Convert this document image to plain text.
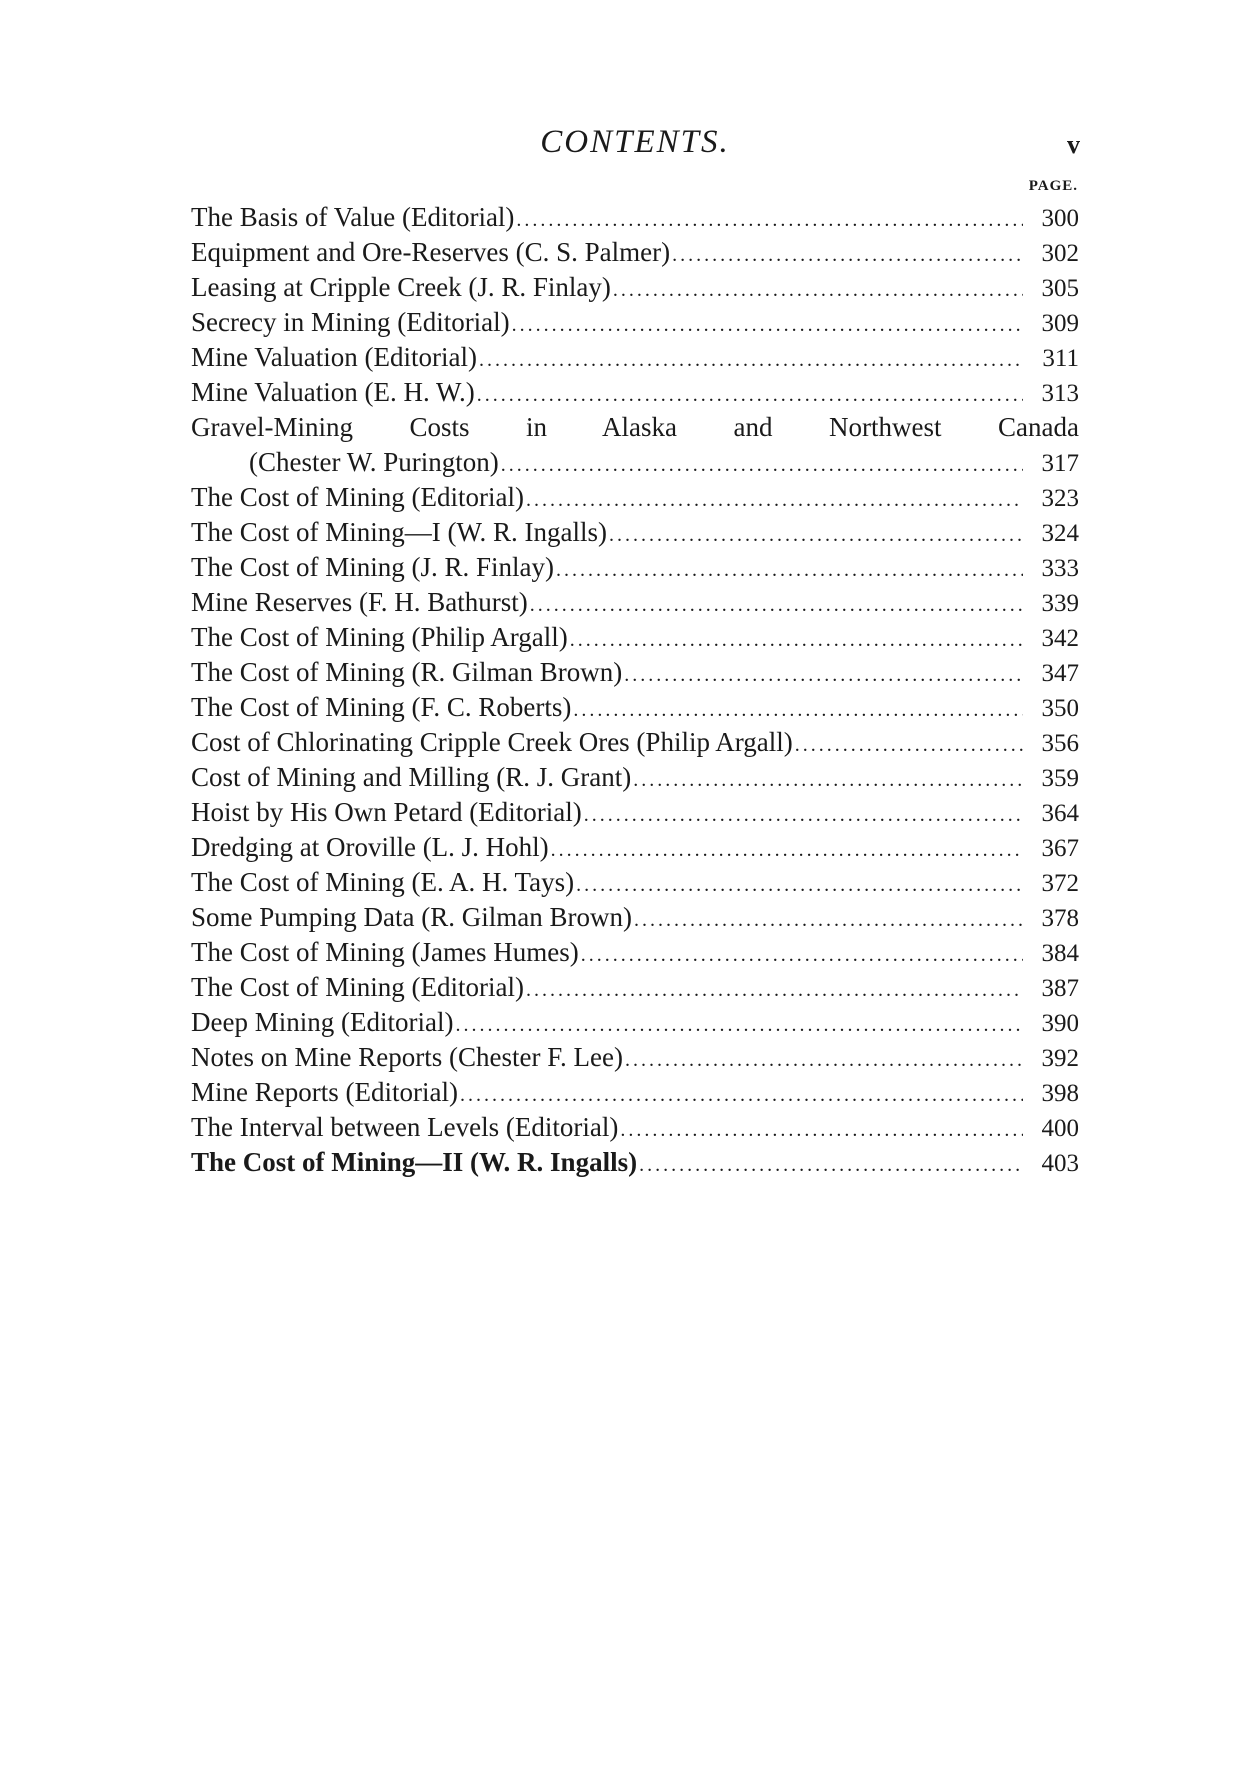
CONTENTS.	v
PAGE.
The Basis of Value (Editorial) . . .	300
Equipment and Ore-Reserves (C. S. Palmer) . . .	302
Leasing at Cripple Creek (J. R. Finlay) . . .	305
Secrecy in Mining (Editorial) . . .	309
Mine Valuation (Editorial) . . .	311
Mine Valuation (E. H. W.) . . .	313
Gravel-Mining Costs in Alaska and Northwest Canada
(Chester W. Purington) . . .	317
The Cost of Mining (Editorial) . . .	323
The Cost of Mining—I (W. R. Ingalls) . . .	324
The Cost of Mining (J. R. Finlay) . . .	333
Mine Reserves (F. H. Bathurst) . . .	339
The Cost of Mining (Philip Argall) . . .	342
The Cost of Mining (R. Gilman Brown) . . .	347
The Cost of Mining (F. C. Roberts) . . .	350
Cost of Chlorinating Cripple Creek Ores (Philip Argall) . . .	356
Cost of Mining and Milling (R. J. Grant) . . .	359
Hoist by His Own Petard (Editorial) . . .	364
Dredging at Oroville (L. J. Hohl) . . .	367
The Cost of Mining (E. A. H. Tays) . . .	372
Some Pumping Data (R. Gilman Brown) . . .	378
The Cost of Mining (James Humes) . . .	384
The Cost of Mining (Editorial) . . .	387
Deep Mining (Editorial) . . .	390
Notes on Mine Reports (Chester F. Lee) . . .	392
Mine Reports (Editorial) . . .	398
The Interval between Levels (Editorial) . . .	400
The Cost of Mining—II (W. R. Ingalls) . . .	403
